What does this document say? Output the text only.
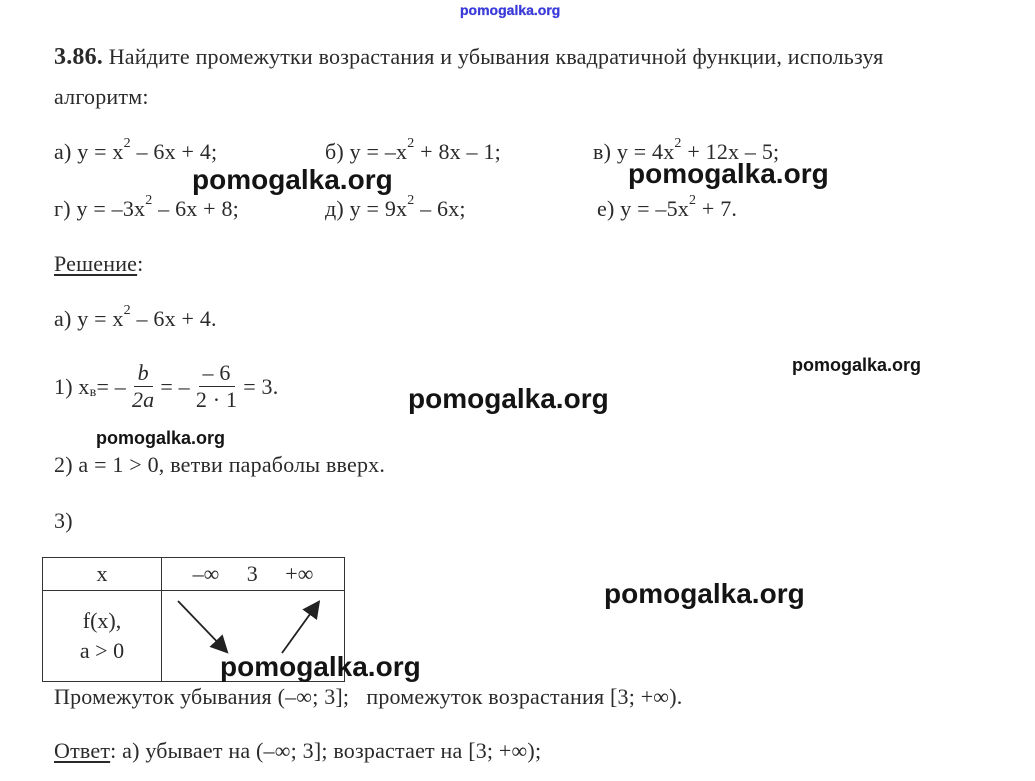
pomogalka.org
3.86. Найдите промежутки возрастания и убывания квадратичной функции, используя
алгоритм:
а) $y = x^2 - 6x + 4$;	б) $y = -x^2 + 8x - 1$;	в) $y = 4x^2 + 12x - 5$;
г) $y = -3x^2 - 6x + 8$;	д) $y = 9x^2 - 6x$;	е) $y = -5x^2 + 7$.
Решение:
а) $y = x^2 - 6x + 4$.
1) $x_в$ = – $\frac{b}{2a}$ = – $\frac{- 6}{2 \cdot 1} = 3$.
2) a = 1 > 0, ветви параболы вверх.
3)
x	–∞     3     +∞

f(x),
a > 0

Промежуток убывания (–∞; 3];   промежуток возрастания [3; +∞).
Ответ: а) убывает на (–∞; 3]; возрастает на [3; +∞);
pomogalka.org	pomogalka.org
pomogalka.org
pomogalka.org
pomogalka.org
pomogalka.org
pomogalka.org
